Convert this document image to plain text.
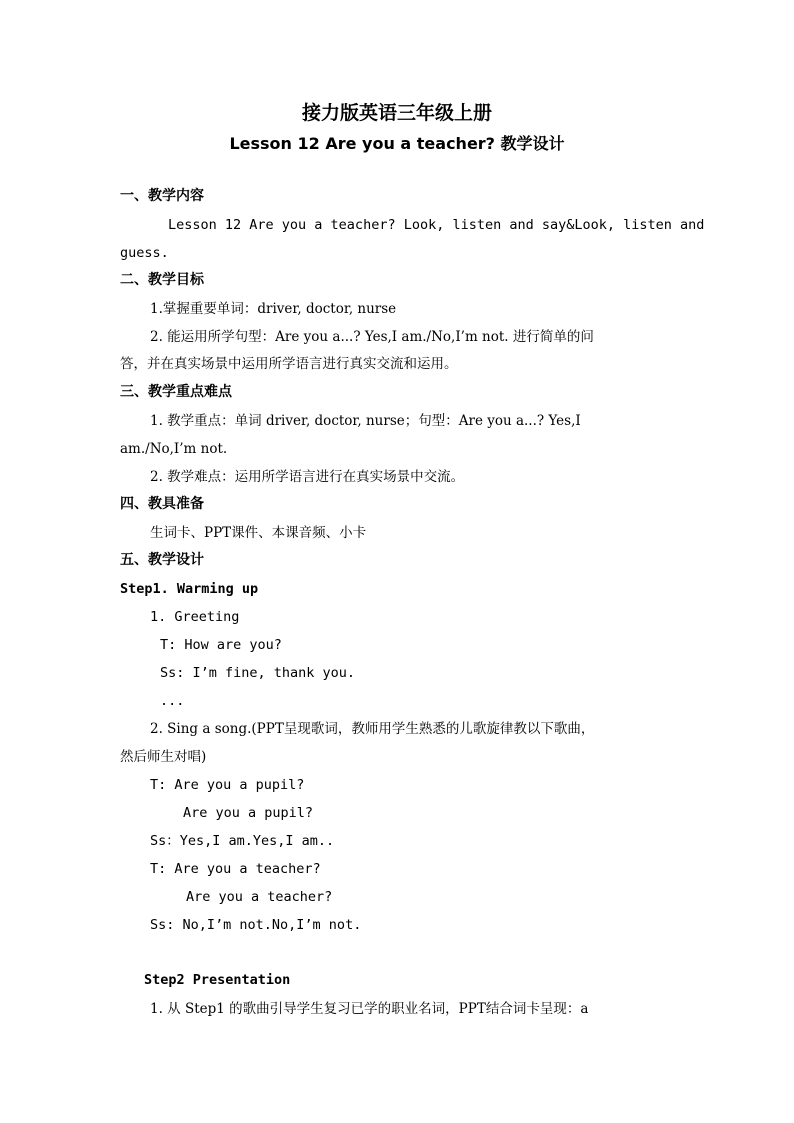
接力版英语三年级上册
Lesson 12 Are you a teacher? 教学设计
一、教学内容
Lesson 12 Are you a teacher? Look, listen and say&Look, listen and
guess.
二、教学目标
1.掌握重要单词：driver, doctor, nurse
2. 能运用所学句型：Are you a...? Yes,I am./No,I’m not. 进行简单的问
答，并在真实场景中运用所学语言进行真实交流和运用。
三、教学重点难点
1. 教学重点：单词 driver, doctor, nurse；句型：Are you a...? Yes,I
am./No,I’m not.
2. 教学难点：运用所学语言进行在真实场景中交流。
四、教具准备
生词卡、PPT课件、本课音频、小卡
五、教学设计
Step1. Warming up
1. Greeting
T: How are you?
Ss: I’m fine, thank you.
...
2. Sing a song.(PPT呈现歌词，教师用学生熟悉的儿歌旋律教以下歌曲，
然后师生对唱)
T: Are you a pupil?
Are you a pupil?
Ss：Yes,I am.Yes,I am..
T: Are you a teacher?
Are you a teacher?
Ss: No,I’m not.No,I’m not.
Step2 Presentation
1. 从 Step1 的歌曲引导学生复习已学的职业名词，PPT结合词卡呈现：a
